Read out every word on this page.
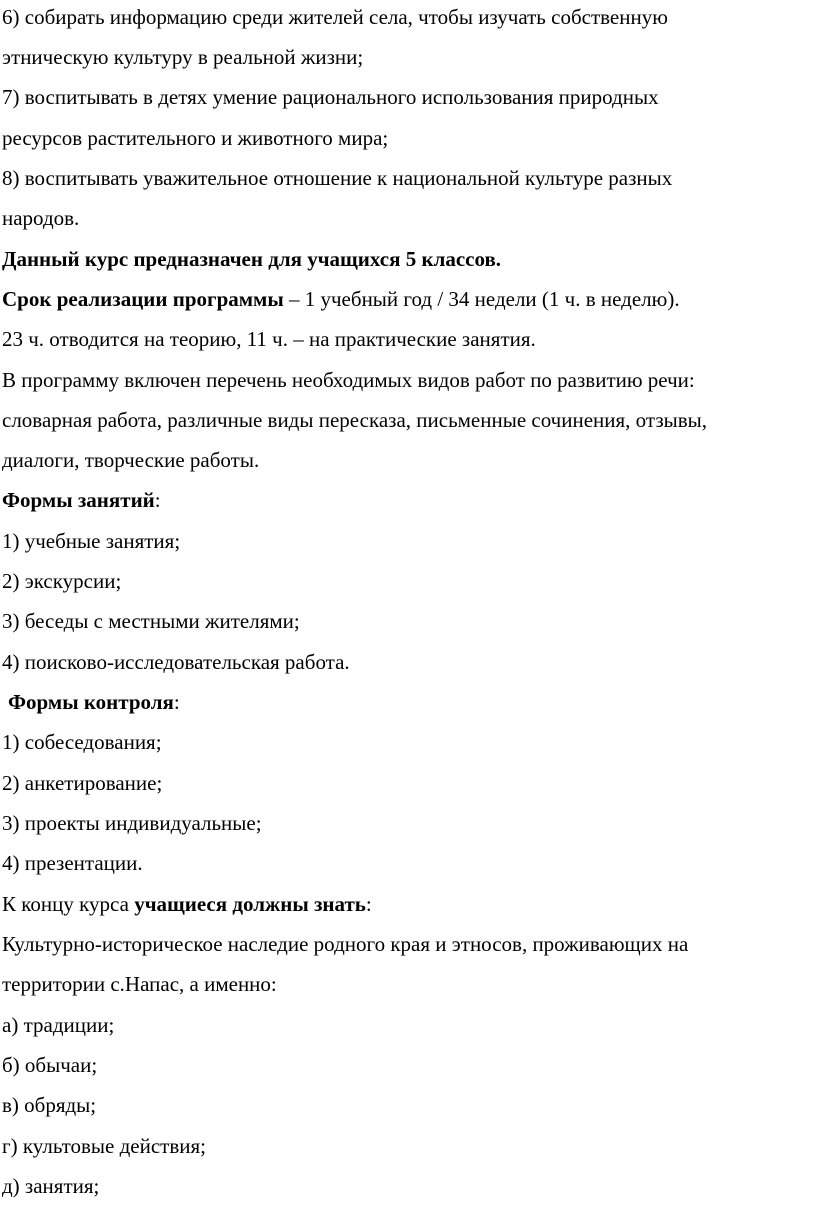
6) собирать информацию среди жителей села, чтобы изучать собственную
этническую культуру в реальной жизни;
7) воспитывать в детях умение рационального использования природных
ресурсов растительного и животного мира;
8) воспитывать уважительное отношение к национальной культуре разных
народов.
Данный курс предназначен для учащихся 5 классов.
Срок реализации программы – 1 учебный год / 34 недели (1 ч. в неделю).
23 ч. отводится на теорию, 11 ч. – на практические занятия.
В программу включен перечень необходимых видов работ по развитию речи:
словарная работа, различные виды пересказа, письменные сочинения, отзывы,
диалоги, творческие работы.
Формы занятий:
1) учебные занятия;
2) экскурсии;
3) беседы с местными жителями;
4) поисково-исследовательская работа.
Формы контроля:
1) собеседования;
2) анкетирование;
3) проекты индивидуальные;
4) презентации.
К концу курса учащиеся должны знать:
Культурно-историческое наследие родного края и этносов, проживающих на
территории с.Напас, а именно:
а) традиции;
б) обычаи;
в) обряды;
г) культовые действия;
д) занятия;
